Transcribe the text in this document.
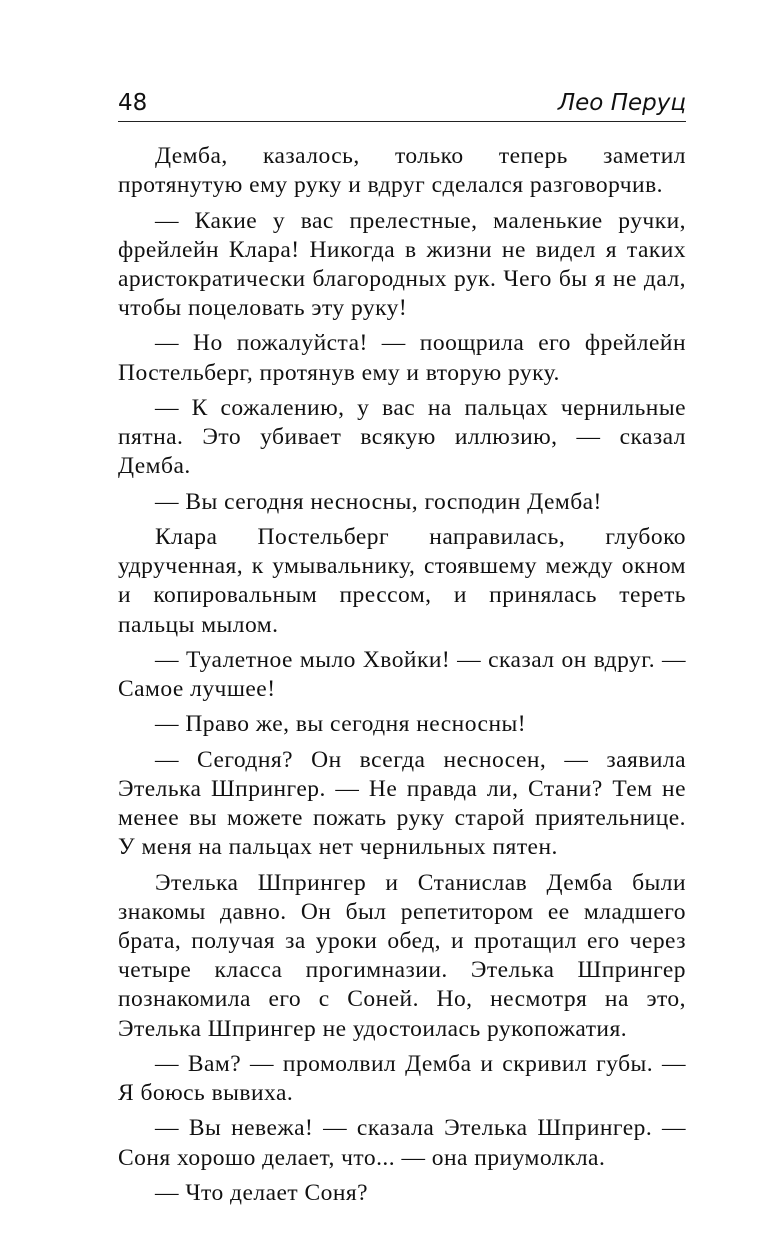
48	Лео Перуц

Демба, казалось, только теперь заметил протянутую ему руку и вдруг сделался разговорчив.

— Какие у вас прелестные, маленькие ручки, фрейлейн Клара! Никогда в жизни не видел я таких аристократически благородных рук. Чего бы я не дал, чтобы поцеловать эту руку!

— Но пожалуйста! — поощрила его фрейлейн Постельберг, протянув ему и вторую руку.

— К сожалению, у вас на пальцах чернильные пятна. Это убивает всякую иллюзию, — сказал Демба.

— Вы сегодня несносны, господин Демба!

Клара Постельберг направилась, глубоко удрученная, к умывальнику, стоявшему между окном и копировальным прессом, и принялась тереть пальцы мылом.

— Туалетное мыло Хвойки! — сказал он вдруг. — Самое лучшее!

— Право же, вы сегодня несносны!

— Сегодня? Он всегда несносен, — заявила Этелька Шпрингер. — Не правда ли, Стани? Тем не менее вы можете пожать руку старой приятельнице. У меня на пальцах нет чернильных пятен.

Этелька Шпрингер и Станислав Демба были знакомы давно. Он был репетитором ее младшего брата, получая за уроки обед, и протащил его через четыре класса прогимназии. Этелька Шпрингер познакомила его с Соней. Но, несмотря на это, Этелька Шпрингер не удостоилась рукопожатия.

— Вам? — промолвил Демба и скривил губы. — Я боюсь вывиха.

— Вы невежа! — сказала Этелька Шпрингер. — Соня хорошо делает, что... — она приумолкла.

— Что делает Соня?
